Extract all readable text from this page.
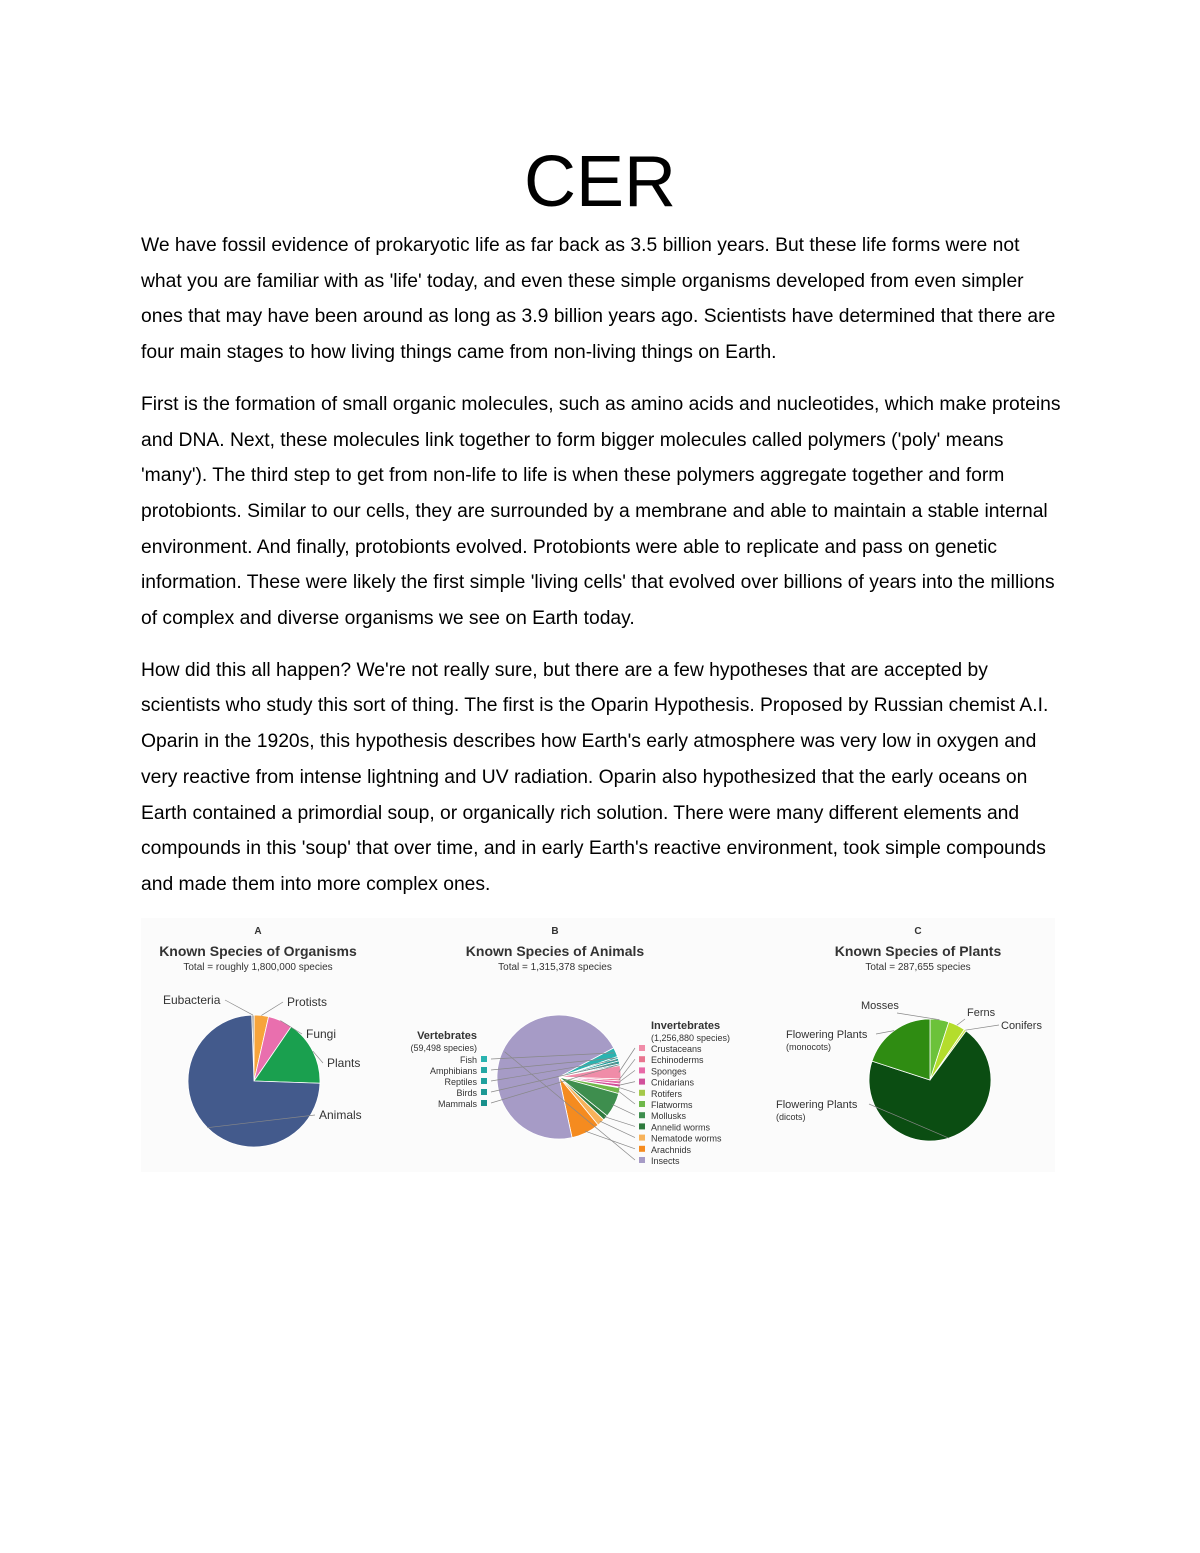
CER

We have fossil evidence of prokaryotic life as far back as 3.5 billion years. But these life forms were not what you are familiar with as 'life' today, and even these simple organisms developed from even simpler ones that may have been around as long as 3.9 billion years ago. Scientists have determined that there are four main stages to how living things came from non-living things on Earth.

First is the formation of small organic molecules, such as amino acids and nucleotides, which make proteins and DNA. Next, these molecules link together to form bigger molecules called polymers ('poly' means 'many'). The third step to get from non-life to life is when these polymers aggregate together and form protobionts. Similar to our cells, they are surrounded by a membrane and able to maintain a stable internal environment. And finally, protobionts evolved. Protobionts were able to replicate and pass on genetic information. These were likely the first simple 'living cells' that evolved over billions of years into the millions of complex and diverse organisms we see on Earth today.

How did this all happen? We're not really sure, but there are a few hypotheses that are accepted by scientists who study this sort of thing. The first is the Oparin Hypothesis. Proposed by Russian chemist A.I. Oparin in the 1920s, this hypothesis describes how Earth's early atmosphere was very low in oxygen and very reactive from intense lightning and UV radiation. Oparin also hypothesized that the early oceans on Earth contained a primordial soup, or organically rich solution. There were many different elements and compounds in this 'soup' that over time, and in early Earth's reactive environment, took simple compounds and made them into more complex ones.

A
Known Species of Organisms
Total = roughly 1,800,000 species
Eubacteria	Protists
Fungi
Plants
Animals
B
Known Species of Animals
Total = 1,315,378 species
Vertebrates
(59,498 species)
Fish
Amphibians
Reptiles
Birds
Mammals
Invertebrates
(1,256,880 species)
Crustaceans
Echinoderms
Sponges
Cnidarians
Rotifers
Flatworms
Mollusks
Annelid worms
Nematode worms
Arachnids
Insects
C
Known Species of Plants
Total = 287,655 species
Mosses
Ferns
Conifers
Flowering Plants
(dicots)
Flowering Plants
(monocots)
